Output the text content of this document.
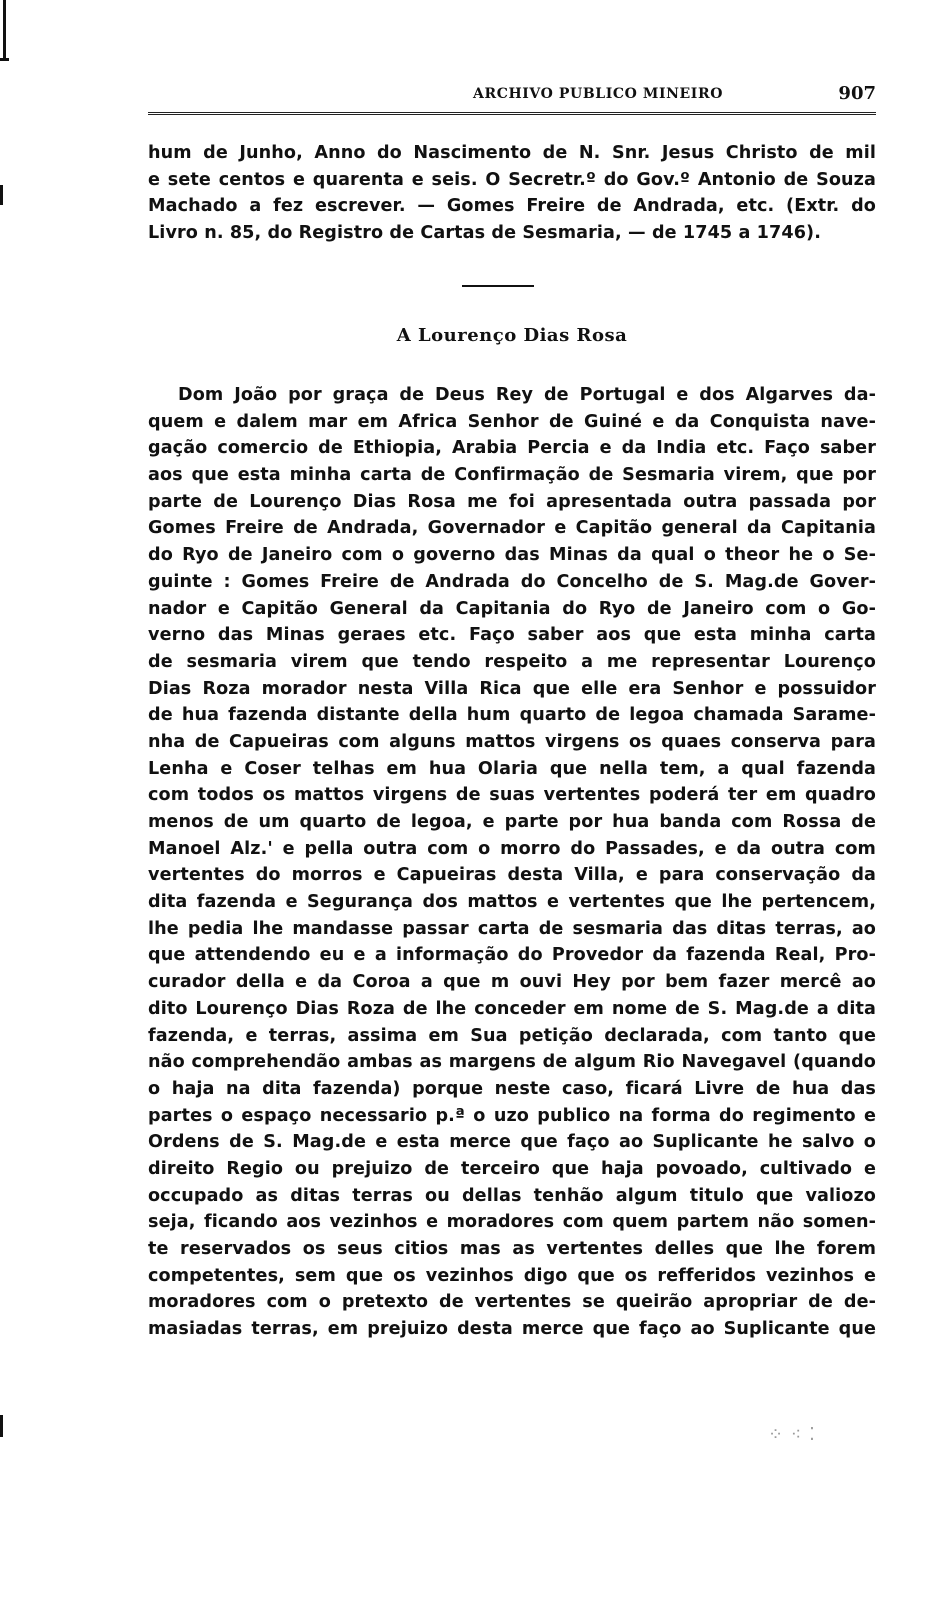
ARCHIVO PUBLICO MINEIRO	907
hum de Junho, Anno do Nascimento de N. Snr. Jesus Christo de mil
e sete centos e quarenta e seis. O Secretr.º do Gov.º Antonio de Souza
Machado a fez escrever. — Gomes Freire de Andrada, etc. (Extr. do
Livro n. 85, do Registro de Cartas de Sesmaria, — de 1745 a 1746).
A Lourenço Dias Rosa
Dom João por graça de Deus Rey de Portugal e dos Algarves da-
quem e dalem mar em Africa Senhor de Guiné e da Conquista nave-
gação comercio de Ethiopia, Arabia Percia e da India etc. Faço saber
aos que esta minha carta de Confirmação de Sesmaria virem, que por
parte de Lourenço Dias Rosa me foi apresentada outra passada por
Gomes Freire de Andrada, Governador e Capitão general da Capitania
do Ryo de Janeiro com o governo das Minas da qual o theor he o Se-
guinte : Gomes Freire de Andrada do Concelho de S. Mag.de Gover-
nador e Capitão General da Capitania do Ryo de Janeiro com o Go-
verno das Minas geraes etc. Faço saber aos que esta minha carta
de sesmaria virem que tendo respeito a me representar Lourenço
Dias Roza morador nesta Villa Rica que elle era Senhor e possuidor
de hua fazenda distante della hum quarto de legoa chamada Sarame-
nha de Capueiras com alguns mattos virgens os quaes conserva para
Lenha e Coser telhas em hua Olaria que nella tem, a qual fazenda
com todos os mattos virgens de suas vertentes poderá ter em quadro
menos de um quarto de legoa, e parte por hua banda com Rossa de
Manoel Alz.' e pella outra com o morro do Passades, e da outra com
vertentes do morros e Capueiras desta Villa, e para conservação da
dita fazenda e Segurança dos mattos e vertentes que lhe pertencem,
lhe pedia lhe mandasse passar carta de sesmaria das ditas terras, ao
que attendendo eu e a informação do Provedor da fazenda Real, Pro-
curador della e da Coroa a que m ouvi Hey por bem fazer mercê ao
dito Lourenço Dias Roza de lhe conceder em nome de S. Mag.de a dita
fazenda, e terras, assima em Sua petição declarada, com tanto que
não comprehendão ambas as margens de algum Rio Navegavel (quando
o haja na dita fazenda) porque neste caso, ficará Livre de hua das
partes o espaço necessario p.ª o uzo publico na forma do regimento e
Ordens de S. Mag.de e esta merce que faço ao Suplicante he salvo o
direito Regio ou prejuizo de terceiro que haja povoado, cultivado e
occupado as ditas terras ou dellas tenhão algum titulo que valiozo
seja, ficando aos vezinhos e moradores com quem partem não somen-
te reservados os seus citios mas as vertentes delles que lhe forem
competentes, sem que os vezinhos digo que os refferidos vezinhos e
moradores com o pretexto de vertentes se queirão apropriar de de-
masiadas terras, em prejuizo desta merce que faço ao Suplicante que
⁘ ⁖ ⁚
